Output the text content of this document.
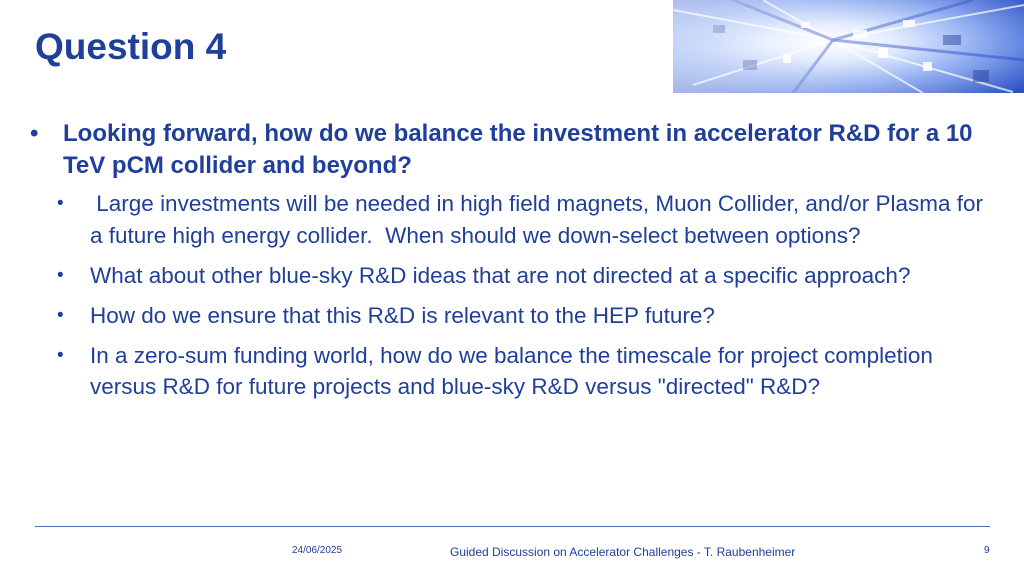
Question 4

• Looking forward, how do we balance the investment in accelerator R&D for a 10 TeV pCM collider and beyond?

• Large investments will be needed in high field magnets, Muon Collider, and/or Plasma for a future high energy collider.  When should we down-select between options?
• What about other blue-sky R&D ideas that are not directed at a specific approach?
• How do we ensure that this R&D is relevant to the HEP future?
• In a zero-sum funding world, how do we balance the timescale for project completion versus R&D for future projects and blue-sky R&D versus "directed" R&D?
24/06/2025	Guided Discussion on Accelerator Challenges - T. Raubenheimer	9
